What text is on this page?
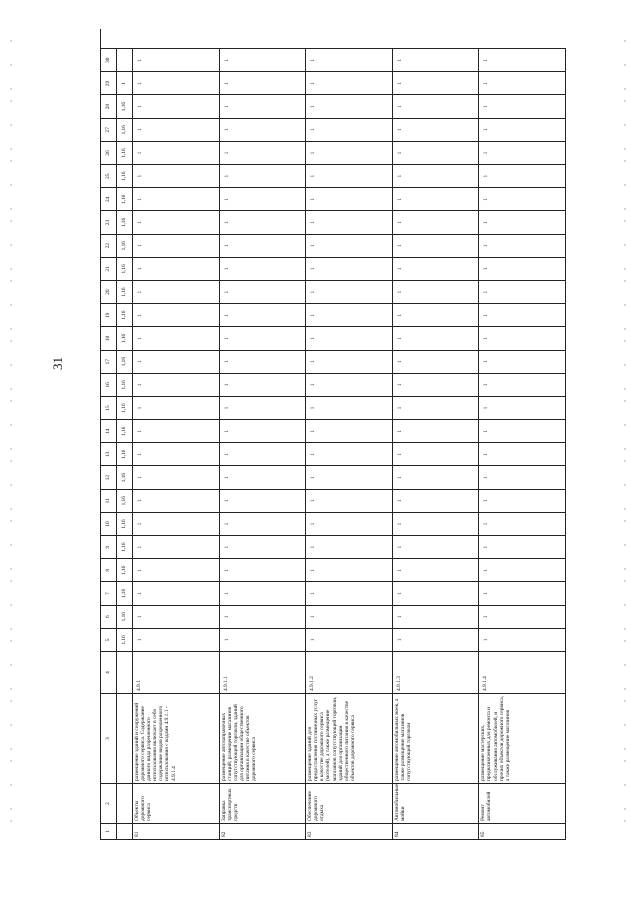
31
1
2
3
4
5
6
7
8
9
10
11
12
13
14
15
16
17
18
19
20
21
22
23
24
25
26
27
28
29
30
1,16
1,16
1,16
1,16
1,16
1,16
1,16
1,16
1,16
1,16
1,16
1,16
1,16
1,16
1,16
1,16
1,16
1,16
1,16
1,16
1,16
1,16
1,16
1,16
1
81
Объекты дорожного сервиса
размещение зданий и сооружений дорожного сервиса. Содержание данного вида разрешенного использования включает в себя содержание видов разрешенного использования с кодами 4.9.1.1 - 4.9.1.4
4.9.1
1
1
1
1
1
1
1
1
1
1
1
1
1
1
1
1
1
1
1
1
1
1
1
1
1
1
82
Заправка транспортных средств
размещение автозаправочных станций; размещение магазинов сопутствующей торговли, зданий для организации общественного питания в качестве объектов дорожного сервиса
4.9.1.1
1
1
1
1
1
1
1
1
1
1
1
1
1
1
1
1
1
1
1
1
1
1
1
1
1
1
83
Обеспечение дорожного отдыха
размещение зданий для предоставления гостиничных услуг в качестве дорожного сервиса (мотелей), а также размещение магазинов сопутствующей торговли, зданий для организации общественного питания в качестве объектов дорожного сервиса
4.9.1.2
1
1
1
1
1
1
1
1
1
1
1
1
1
1
1
1
1
1
1
1
1
1
1
1
1
1
84
Автомобильные мойки
размещение автомобильных моек, а также размещение магазинов сопутствующей торговли
4.9.1.3
1
1
1
1
1
1
1
1
1
1
1
1
1
1
1
1
1
1
1
1
1
1
1
1
1
1
85
Ремонт автомобилей
размещение мастерских, предназначенных для ремонта и обслуживания автомобилей, и прочих объектов дорожного сервиса, а также размещение магазинов
4.9.1.4
1
1
1
1
1
1
1
1
1
1
1
1
1
1
1
1
1
1
1
1
1
1
1
1
1
1
